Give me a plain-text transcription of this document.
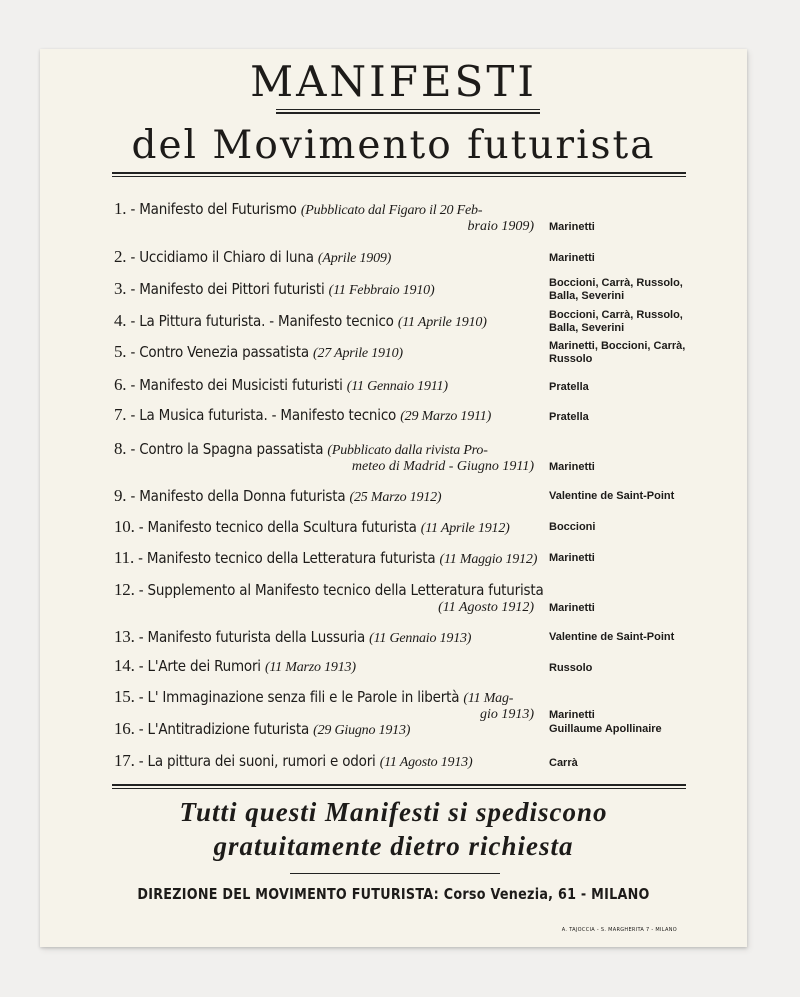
MANIFESTI
del Movimento futurista
1. - Manifesto del Futurismo (Pubblicato dal Figaro il 20 Feb-
braio 1909) Marinetti
2. - Uccidiamo il Chiaro di luna (Aprile 1909)	Marinetti
3. - Manifesto dei Pittori futuristi (11 Febbraio 1910)	Boccioni, Carrà, Russolo, Balla, Severini
4. - La Pittura futurista. - Manifesto tecnico (11 Aprile 1910)	Boccioni, Carrà, Russolo, Balla, Severini
5. - Contro Venezia passatista (27 Aprile 1910)	Marinetti, Boccioni, Carrà, Russolo
6. - Manifesto dei Musicisti futuristi (11 Gennaio 1911)	Pratella
7. - La Musica futurista. - Manifesto tecnico (29 Marzo 1911)	Pratella
8. - Contro la Spagna passatista (Pubblicato dalla rivista Pro-
meteo di Madrid - Giugno 1911) Marinetti
9. - Manifesto della Donna futurista (25 Marzo 1912)	Valentine de Saint-Point
10. - Manifesto tecnico della Scultura futurista (11 Aprile 1912)	Boccioni
11. - Manifesto tecnico della Letteratura futurista (11 Maggio 1912) Marinetti
12. - Supplemento al Manifesto tecnico della Letteratura futurista
(11 Agosto 1912) Marinetti
13. - Manifesto futurista della Lussuria (11 Gennaio 1913)	Valentine de Saint-Point
14. - L'Arte dei Rumori (11 Marzo 1913)	Russolo
15. - L' Immaginazione senza fili e le Parole in libertà (11 Mag-
gio 1913) Marinetti
16. - L'Antitradizione futurista (29 Giugno 1913)	Guillaume Apollinaire
17. - La pittura dei suoni, rumori e odori (11 Agosto 1913)	Carrà
Tutti questi Manifesti si spediscono
gratuitamente dietro richiesta
DIREZIONE DEL MOVIMENTO FUTURISTA: Corso Venezia, 61 - MILANO
A. TAJOCCIA - S. MARGHERITA 7 - MILANO
